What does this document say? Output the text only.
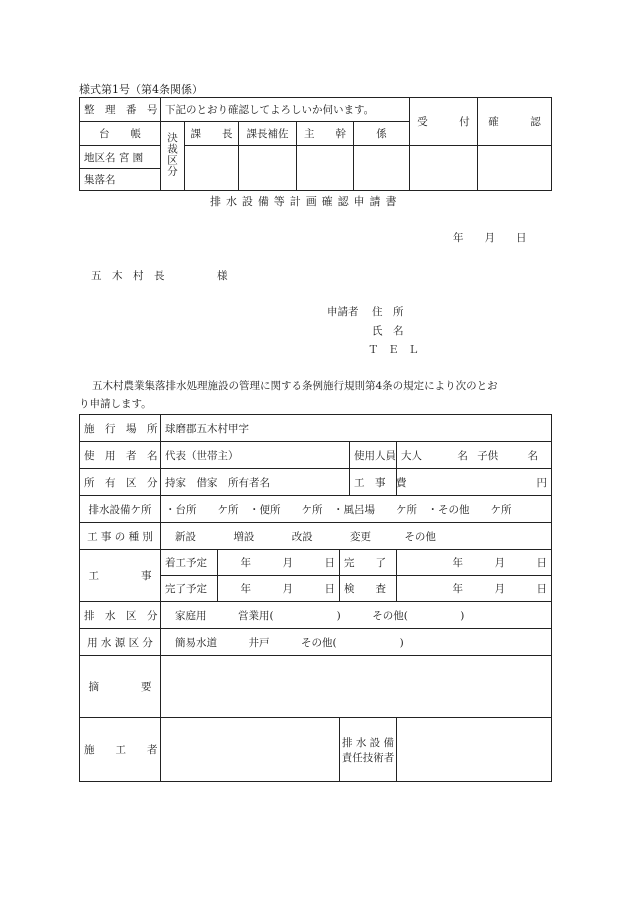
様式第1号（第4条関係）
整　理　番　号	下記のとおり確認してよろしいか伺います。					受　　　付	確　　　認
台　　帳	決裁区分	課　　長	課長補佐	主　　幹	係		
地区名 宮 園							
集落名							
排水設備等計画確認申請書
年　　月　　日
五　木　村　長　　　　　様
申請者 住　所
氏　名
Ｔ Ｅ Ｌ
五木村農業集落排水処理施設の管理に関する条例施行規則第4条の規定により次のとお
り申請します。
施　行　場　所	球磨郡五木村甲字				
使　用　者　名	代表（世帯主）			使用人員	大人 名 子供 名
所　有　区　分	持家　借家　所有者名			工　事　費	円
排水設備ケ所	・台所　　ケ所　・便所　　ケ所　・風呂場　　ケ所　・その他　　ケ所				
工 事 の 種 別	新設 増設 改設 変更 その他				
工　　　　事	着工予定	年　　　月　　　日	完　　了		年　　　月　　　日
	完了予定	年　　　月　　　日	検　　査		年　　　月　　　日
排　水　区　分	家庭用　　　営業用(　　　　　　)　　　その他(　　　　　)				
用 水 源 区 分	簡易水道　　　井戸　　　その他(　　　　　　)				
摘　　　　要					
施　　工　　者			排 水 設 備
責任技術者		
